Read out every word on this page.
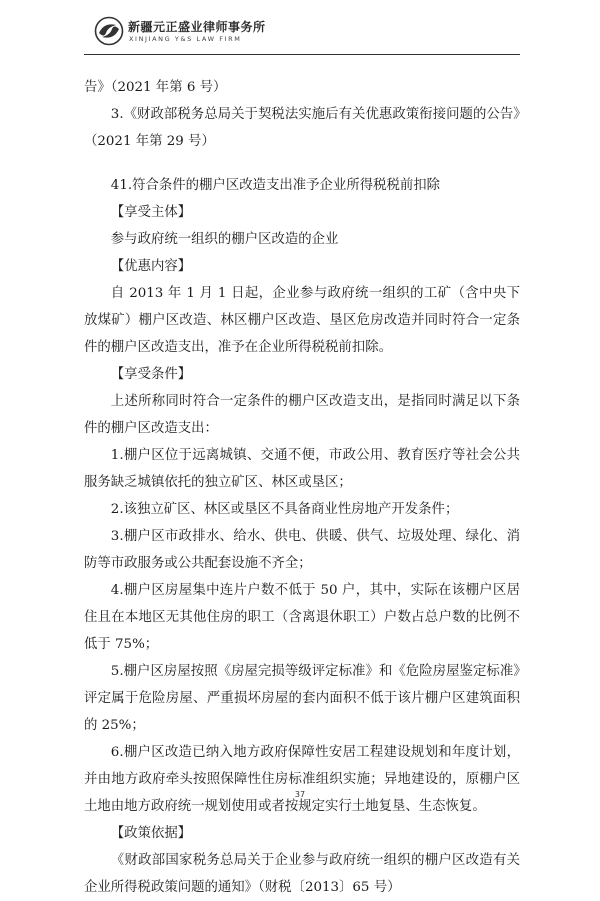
新疆元正盛业律师事务所
XINJIANG Y&S LAW FIRM

告》（2021 年第 6 号）

3.《财政部税务总局关于契税法实施后有关优惠政策衔接问题的公告》（2021 年第 29 号）

41.符合条件的棚户区改造支出准予企业所得税税前扣除

【享受主体】

参与政府统一组织的棚户区改造的企业

【优惠内容】

自 2013 年 1 月 1 日起，企业参与政府统一组织的工矿（含中央下放煤矿）棚户区改造、林区棚户区改造、垦区危房改造并同时符合一定条件的棚户区改造支出，准予在企业所得税税前扣除。

【享受条件】

上述所称同时符合一定条件的棚户区改造支出，是指同时满足以下条件的棚户区改造支出：

1.棚户区位于远离城镇、交通不便，市政公用、教育医疗等社会公共服务缺乏城镇依托的独立矿区、林区或垦区；

2.该独立矿区、林区或垦区不具备商业性房地产开发条件；

3.棚户区市政排水、给水、供电、供暖、供气、垃圾处理、绿化、消防等市政服务或公共配套设施不齐全；

4.棚户区房屋集中连片户数不低于 50 户，其中，实际在该棚户区居住且在本地区无其他住房的职工（含离退休职工）户数占总户数的比例不低于 75%；

5.棚户区房屋按照《房屋完损等级评定标准》和《危险房屋鉴定标准》评定属于危险房屋、严重损坏房屋的套内面积不低于该片棚户区建筑面积的 25%；

6.棚户区改造已纳入地方政府保障性安居工程建设规划和年度计划，并由地方政府牵头按照保障性住房标准组织实施；异地建设的，原棚户区土地由地方政府统一规划使用或者按规定实行土地复垦、生态恢复。

【政策依据】

《财政部国家税务总局关于企业参与政府统一组织的棚户区改造有关企业所得税政策问题的通知》（财税〔2013〕65 号）

37
